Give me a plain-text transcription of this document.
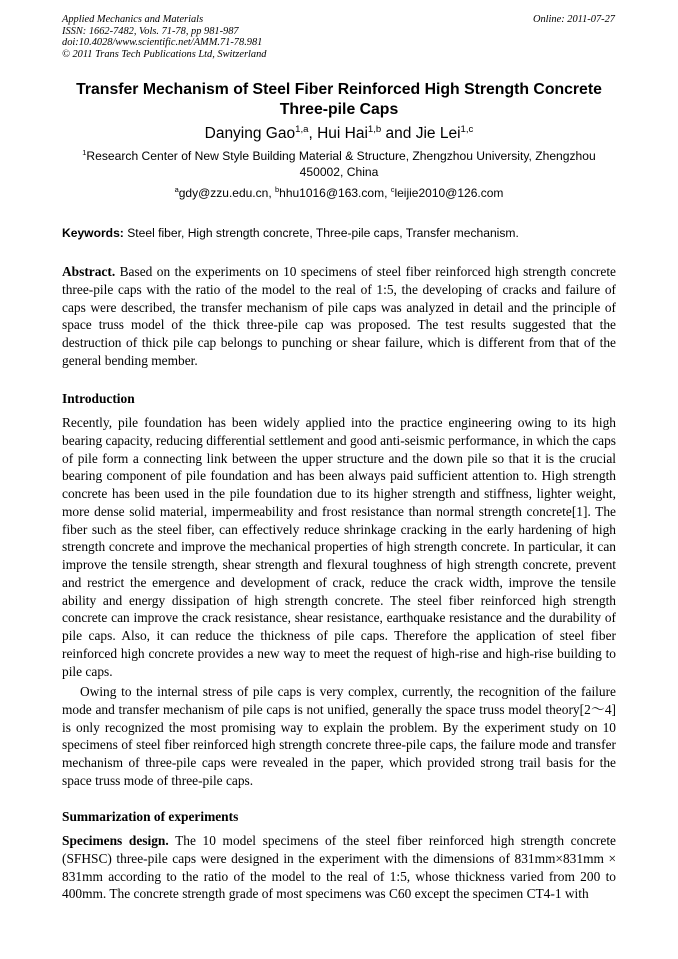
Applied Mechanics and Materials
ISSN: 1662-7482, Vols. 71-78, pp 981-987
doi:10.4028/www.scientific.net/AMM.71-78.981
© 2011 Trans Tech Publications Ltd, Switzerland
Online: 2011-07-27
Transfer Mechanism of Steel Fiber Reinforced High Strength Concrete
Three-pile Caps
Danying Gao$^{1,a}$, Hui Hai$^{1,b}$ and Jie Lei$^{1,c}$
$^1$Research Center of New Style Building Material & Structure, Zhengzhou University, Zhengzhou 450002, China
$^a$gdy@zzu.edu.cn, $^b$hhu1016@163.com, $^c$leijie2010@126.com
Keywords: Steel fiber, High strength concrete, Three-pile caps, Transfer mechanism.

Abstract. Based on the experiments on 10 specimens of steel fiber reinforced high strength concrete three-pile caps with the ratio of the model to the real of 1:5, the developing of cracks and failure of caps were described, the transfer mechanism of pile caps was analyzed in detail and the principle of space truss model of the thick three-pile cap was proposed. The test results suggested that the destruction of thick pile cap belongs to punching or shear failure, which is different from that of the general bending member.

Introduction

Recently, pile foundation has been widely applied into the practice engineering owing to its high bearing capacity, reducing differential settlement and good anti-seismic performance, in which the caps of pile form a connecting link between the upper structure and the down pile so that it is the crucial bearing component of pile foundation and has been always paid sufficient attention to. High strength concrete has been used in the pile foundation due to its higher strength and stiffness, lighter weight, more dense solid material, impermeability and frost resistance than normal strength concrete[1]. The fiber such as the steel fiber, can effectively reduce shrinkage cracking in the early hardening of high strength concrete and improve the mechanical properties of high strength concrete. In particular, it can improve the tensile strength, shear strength and flexural toughness of high strength concrete, prevent and restrict the emergence and development of crack, reduce the crack width, improve the tensile ability and energy dissipation of high strength concrete. The steel fiber reinforced high strength concrete can improve the crack resistance, shear resistance, earthquake resistance and the durability of pile caps. Also, it can reduce the thickness of pile caps. Therefore the application of steel fiber reinforced high concrete provides a new way to meet the request of high-rise and high-rise building to pile caps.

Owing to the internal stress of pile caps is very complex, currently, the recognition of the failure mode and transfer mechanism of pile caps is not unified, generally the space truss model theory[2～4] is only recognized the most promising way to explain the problem. By the experiment study on 10 specimens of steel fiber reinforced high strength concrete three-pile caps, the failure mode and transfer mechanism of three-pile caps were revealed in the paper, which provided strong trail basis for the space truss mode of three-pile caps.

Summarization of experiments

Specimens design. The 10 model specimens of the steel fiber reinforced high strength concrete (SFHSC) three-pile caps were designed in the experiment with the dimensions of 831mm×831mm × 831mm according to the ratio of the model to the real of 1:5, whose thickness varied from 200 to 400mm. The concrete strength grade of most specimens was C60 except the specimen CT4-1 with
